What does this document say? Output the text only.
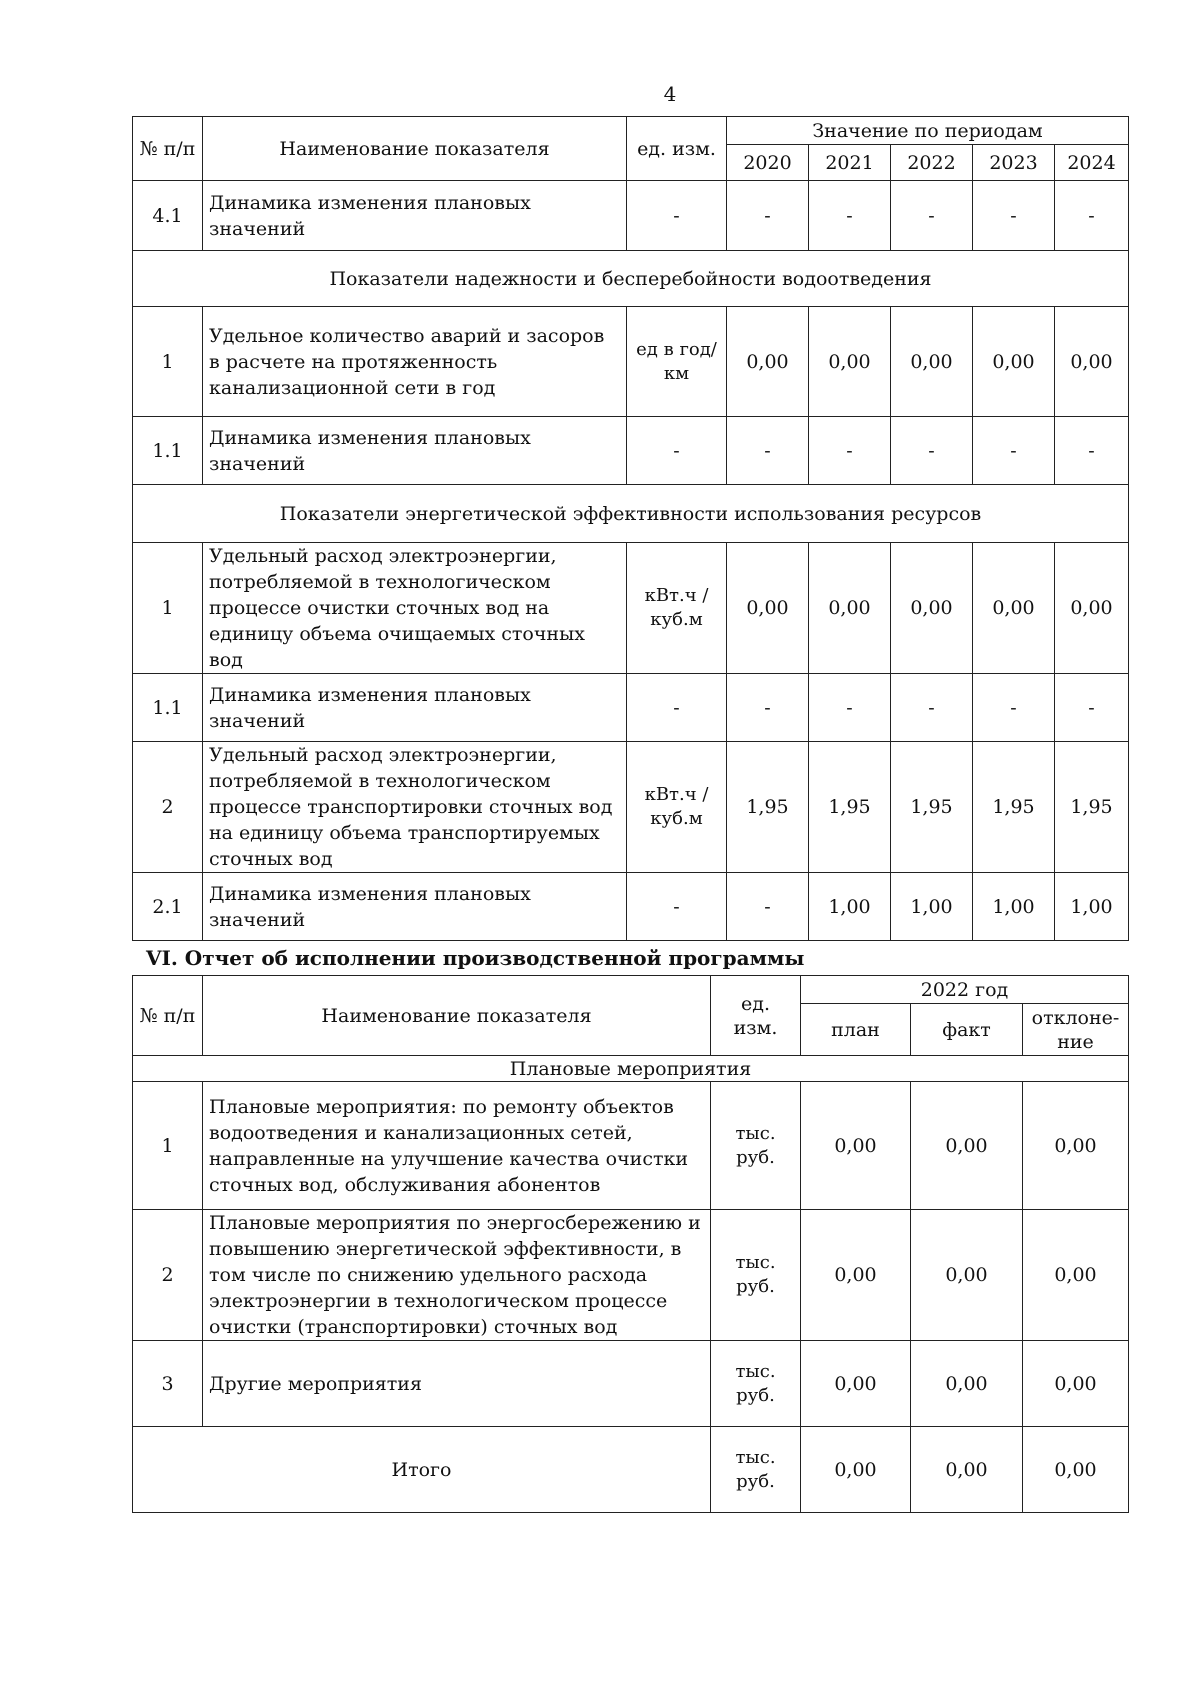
4
№ п/п	Наименование показателя	ед. изм.	Значение по периодам				
			2020	2021	2022	2023	2024
4.1	Динамика изменения плановых значений	-	-	-	-	-	-
Показатели надежности и бесперебойности водоотведения							
1	Удельное количество аварий и засоров в расчете на протяженность канализационной сети в год	ед в год/ км	0,00	0,00	0,00	0,00	0,00
1.1	Динамика изменения плановых значений	-	-	-	-	-	-
Показатели энергетической эффективности использования ресурсов							
1	Удельный расход электроэнергии, потребляемой в технологическом процессе очистки сточных вод на единицу объема очищаемых сточных вод	кВт.ч / куб.м	0,00	0,00	0,00	0,00	0,00
1.1	Динамика изменения плановых значений	-	-	-	-	-	-
2	Удельный расход электроэнергии, потребляемой в технологическом процессе транспортировки сточных вод на единицу объема транспортируемых сточных вод	кВт.ч / куб.м	1,95	1,95	1,95	1,95	1,95
2.1	Динамика изменения плановых значений	-	-	1,00	1,00	1,00	1,00
VI. Отчет об исполнении производственной программы
№ п/п	Наименование показателя	ед. изм.	2022 год		
			план	факт	отклоне-ние
Плановые мероприятия					
1	Плановые мероприятия: по ремонту объектов водоотведения и канализационных сетей, направленные на улучшение качества очистки сточных вод, обслуживания абонентов	тыс. руб.	0,00	0,00	0,00
2	Плановые мероприятия по энергосбережению и повышению энергетической эффективности, в том числе по снижению удельного расхода электроэнергии в технологическом процессе очистки (транспортировки) сточных вод	тыс. руб.	0,00	0,00	0,00
3	Другие мероприятия	тыс. руб.	0,00	0,00	0,00
Итого		тыс. руб.	0,00	0,00	0,00
